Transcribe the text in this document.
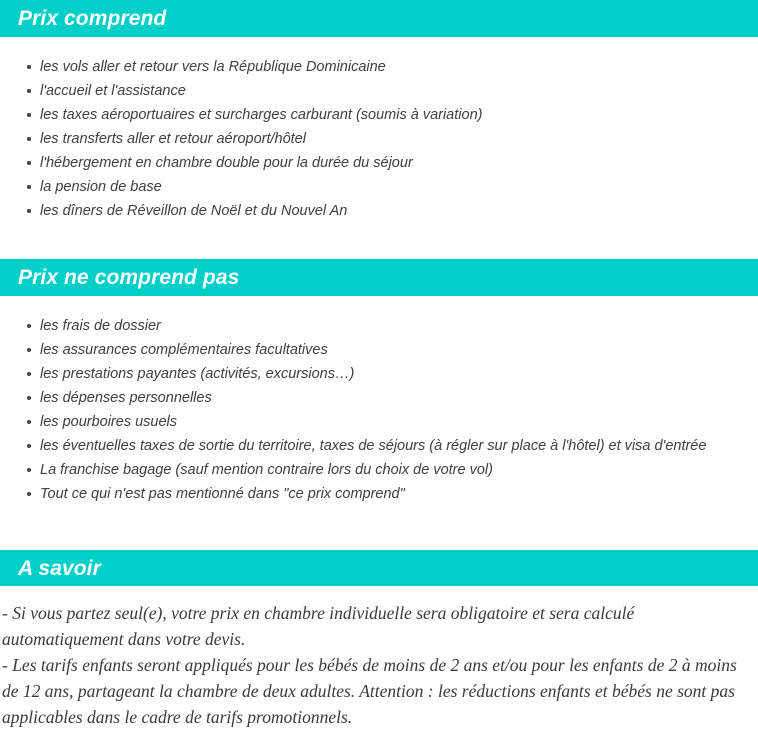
Prix comprend
les vols aller et retour vers la République Dominicaine
l'accueil et l'assistance
les taxes aéroportuaires et surcharges carburant (soumis à variation)
les transferts aller et retour aéroport/hôtel
l'hébergement en chambre double pour la durée du séjour
la pension de base
les dîners de Réveillon de Noël et du Nouvel An
Prix ne comprend pas
les frais de dossier
les assurances complémentaires facultatives
les prestations payantes (activités, excursions…)
les dépenses personnelles
les pourboires usuels
les éventuelles taxes de sortie du territoire, taxes de séjours (à régler sur place à l'hôtel) et visa d'entrée
La franchise bagage (sauf mention contraire lors du choix de votre vol)
Tout ce qui n'est pas mentionné dans "ce prix comprend"
A savoir

- Si vous partez seul(e), votre prix en chambre individuelle sera obligatoire et sera calculé automatiquement dans votre devis.

- Les tarifs enfants seront appliqués pour les bébés de moins de 2 ans et/ou pour les enfants de 2 à moins de 12 ans, partageant la chambre de deux adultes. Attention : les réductions enfants et bébés ne sont pas applicables dans le cadre de tarifs promotionnels.
